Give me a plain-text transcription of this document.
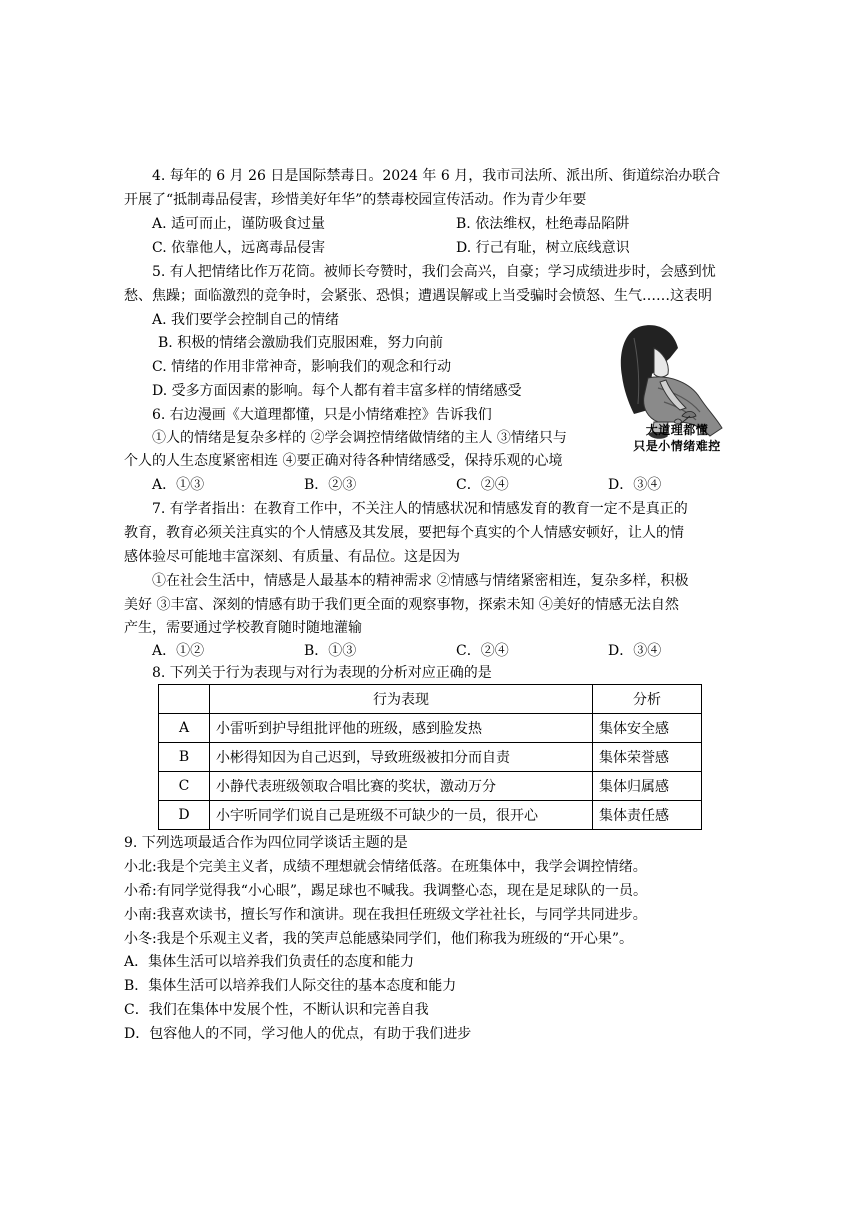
4. 每年的 6 月 26 日是国际禁毒日。2024 年 6 月，我市司法所、派出所、街道综治办联合
开展了“抵制毒品侵害，珍惜美好年华”的禁毒校园宣传活动。作为青少年要
A. 适可而止，谨防吸食过量	B. 依法维权，杜绝毒品陷阱
C. 依靠他人，远离毒品侵害	D. 行己有耻，树立底线意识
5. 有人把情绪比作万花筒。被师长夸赞时，我们会高兴，自豪；学习成绩进步时，会感到忧
愁、焦躁；面临激烈的竞争时，会紧张、恐惧；遭遇误解或上当受骗时会愤怒、生气……这表明
A. 我们要学会控制自己的情绪
B. 积极的情绪会激励我们克服困难，努力向前
C. 情绪的作用非常神奇，影响我们的观念和行动
D. 受多方面因素的影响。每个人都有着丰富多样的情绪感受
6. 右边漫画《大道理都懂，只是小情绪难控》告诉我们
①人的情绪是复杂多样的 ②学会调控情绪做情绪的主人 ③情绪只与
个人的人生态度紧密相连 ④要正确对待各种情绪感受，保持乐观的心境
A．①③	B．②③	C．②④	D．③④
大道理都懂
只是小情绪难控
7. 有学者指出：在教育工作中，不关注人的情感状况和情感发育的教育一定不是真正的
教育，教育必须关注真实的个人情感及其发展，要把每个真实的个人情感安顿好，让人的情
感体验尽可能地丰富深刻、有质量、有品位。这是因为
①在社会生活中，情感是人最基本的精神需求 ②情感与情绪紧密相连，复杂多样，积极
美好 ③丰富、深刻的情感有助于我们更全面的观察事物，探索未知 ④美好的情感无法自然
产生，需要通过学校教育随时随地灌输
A．①②	B．①③	C．②④	D．③④
8. 下列关于行为表现与对行为表现的分析对应正确的是
	行为表现	分析
A	小雷听到护导组批评他的班级，感到脸发热	集体安全感
B	小彬得知因为自己迟到，导致班级被扣分而自责	集体荣誉感
C	小静代表班级领取合唱比赛的奖状，激动万分	集体归属感
D	小宇听同学们说自己是班级不可缺少的一员，很开心	集体责任感
9. 下列选项最适合作为四位同学谈话主题的是
小北:我是个完美主义者，成绩不理想就会情绪低落。在班集体中，我学会调控情绪。
小希:有同学觉得我“小心眼”，踢足球也不喊我。我调整心态，现在是足球队的一员。
小南:我喜欢读书，擅长写作和演讲。现在我担任班级文学社社长，与同学共同进步。
小冬:我是个乐观主义者，我的笑声总能感染同学们，他们称我为班级的“开心果”。
A．集体生活可以培养我们负责任的态度和能力
B．集体生活可以培养我们人际交往的基本态度和能力
C．我们在集体中发展个性，不断认识和完善自我
D．包容他人的不同，学习他人的优点，有助于我们进步
